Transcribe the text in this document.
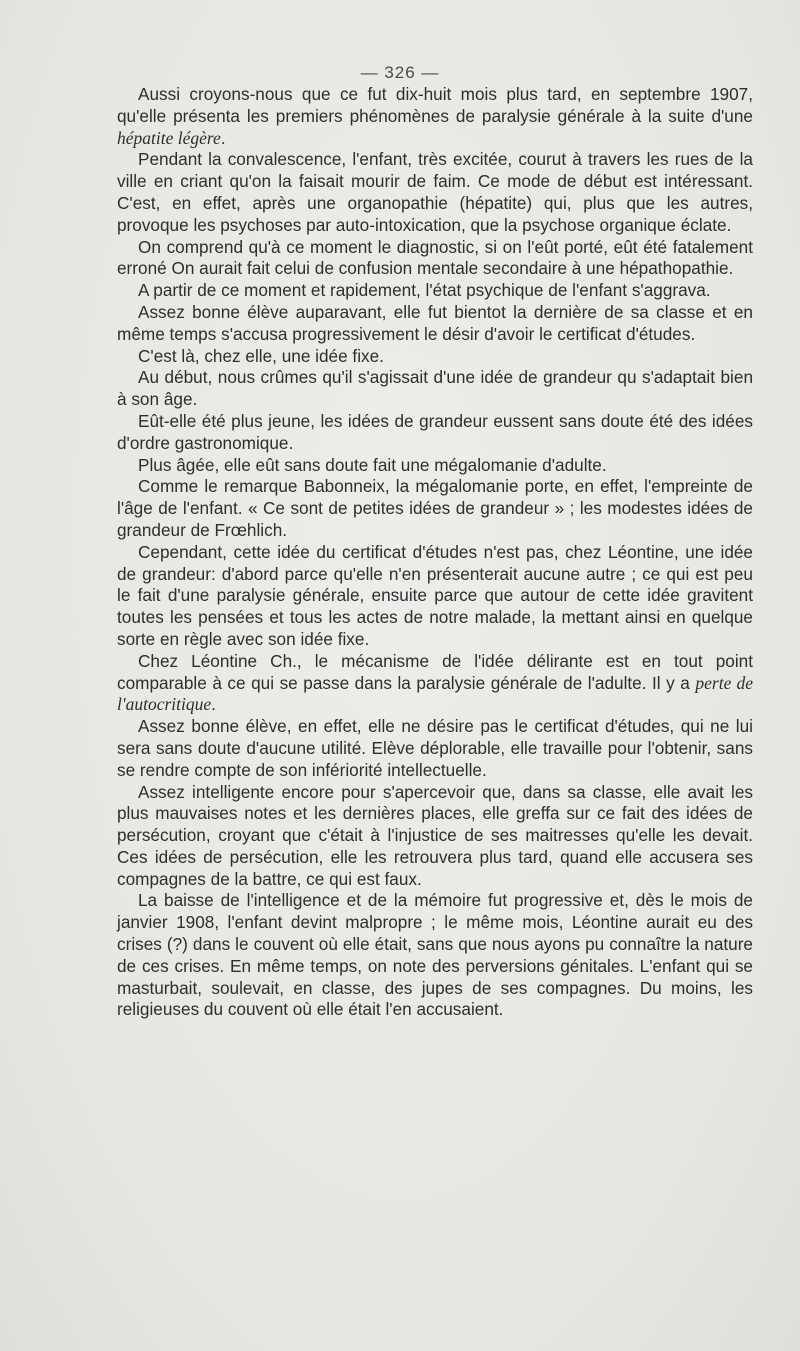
— 326 —

Aussi croyons-nous que ce fut dix-huit mois plus tard, en septembre 1907, qu'elle présenta les premiers phénomènes de paralysie générale à la suite d'une hépatite légère.

Pendant la convalescence, l'enfant, très excitée, courut à travers les rues de la ville en criant qu'on la faisait mourir de faim. Ce mode de début est intéressant. C'est, en effet, après une organopathie (hépatite) qui, plus que les autres, provoque les psychoses par auto-intoxication, que la psychose organique éclate.

On comprend qu'à ce moment le diagnostic, si on l'eût porté, eût été fatalement erroné On aurait fait celui de confusion mentale secondaire à une hépathopathie.

A partir de ce moment et rapidement, l'état psychique de l'enfant s'aggrava.

Assez bonne élève auparavant, elle fut bientot la dernière de sa classe et en même temps s'accusa progressivement le désir d'avoir le certificat d'études.

C'est là, chez elle, une idée fixe.

Au début, nous crûmes qu'il s'agissait d'une idée de grandeur qu s'adaptait bien à son âge.

Eût-elle été plus jeune, les idées de grandeur eussent sans doute été des idées d'ordre gastronomique.

Plus âgée, elle eût sans doute fait une mégalomanie d'adulte.

Comme le remarque Babonneix, la mégalomanie porte, en effet, l'empreinte de l'âge de l'enfant. « Ce sont de petites idées de grandeur » ; les modestes idées de grandeur de Frœhlich.

Cependant, cette idée du certificat d'études n'est pas, chez Léontine, une idée de grandeur: d'abord parce qu'elle n'en présenterait aucune autre ; ce qui est peu le fait d'une paralysie générale, ensuite parce que autour de cette idée gravitent toutes les pensées et tous les actes de notre malade, la mettant ainsi en quelque sorte en règle avec son idée fixe.

Chez Léontine Ch., le mécanisme de l'idée délirante est en tout point comparable à ce qui se passe dans la paralysie générale de l'adulte. Il y a perte de l'autocritique.

Assez bonne élève, en effet, elle ne désire pas le certificat d'études, qui ne lui sera sans doute d'aucune utilité. Elève déplorable, elle travaille pour l'obtenir, sans se rendre compte de son infériorité intellectuelle.

Assez intelligente encore pour s'apercevoir que, dans sa classe, elle avait les plus mauvaises notes et les dernières places, elle greffa sur ce fait des idées de persécution, croyant que c'était à l'injustice de ses maitresses qu'elle les devait. Ces idées de persécution, elle les retrouvera plus tard, quand elle accusera ses compagnes de la battre, ce qui est faux.

La baisse de l'intelligence et de la mémoire fut progressive et, dès le mois de janvier 1908, l'enfant devint malpropre ; le même mois, Léontine aurait eu des crises (?) dans le couvent où elle était, sans que nous ayons pu connaître la nature de ces crises. En même temps, on note des perversions génitales. L'enfant qui se masturbait, soulevait, en classe, des jupes de ses compagnes. Du moins, les religieuses du couvent où elle était l'en accusaient.
